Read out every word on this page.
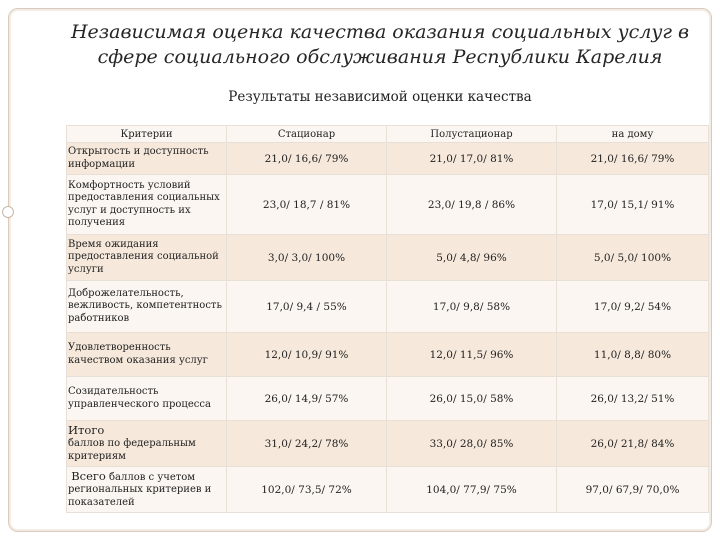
Независимая оценка качества оказания социальных услуг в
сфере социального обслуживания Республики Карелия
Результаты независимой оценки качества
Критерии	Стационар	Полустационар	на дому
Открытость и доступность информации	21,0/ 16,6/ 79%	21,0/ 17,0/ 81%	21,0/ 16,6/ 79%
Комфортность условий предоставления социальных услуг и доступность их получения	23,0/ 18,7 / 81%	23,0/ 19,8 / 86%	17,0/ 15,1/ 91%
Время ожидания предоставления социальной услуги	3,0/ 3,0/ 100%	5,0/ 4,8/ 96%	5,0/ 5,0/ 100%
Доброжелательность, вежливость, компетентность работников	17,0/ 9,4 / 55%	17,0/ 9,8/ 58%	17,0/ 9,2/ 54%
Удовлетворенность качеством оказания услуг	12,0/ 10,9/ 91%	12,0/ 11,5/ 96%	11,0/ 8,8/ 80%
Созидательность управленческого процесса	26,0/ 14,9/ 57%	26,0/ 15,0/ 58%	26,0/ 13,2/ 51%
Итого
баллов по федеральным критериям	31,0/ 24,2/ 78%	33,0/ 28,0/ 85%	26,0/ 21,8/ 84%
Всего баллов с учетом региональных критериев и показателей	102,0/ 73,5/ 72%	104,0/ 77,9/ 75%	97,0/ 67,9/ 70,0%
